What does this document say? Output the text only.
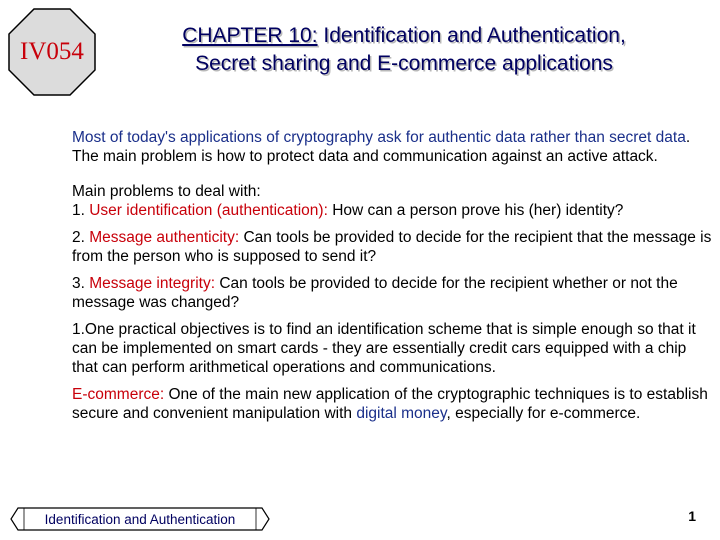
IV054
CHAPTER 10: Identification and Authentication,
Secret sharing and E-commerce applications

Most of today's applications of cryptography ask for authentic data rather than secret data. The main problem is how to protect data and communication against an active attack.

Main problems to deal with:

1. User identification (authentication): How can a person prove his (her) identity?

2. Message authenticity: Can tools be provided to decide for the recipient that the message is from the person who is supposed to send it?

3. Message integrity: Can tools be provided to decide for the recipient whether or not the message was changed?

1.One practical objectives is to find an identification scheme that is simple enough so that it can be implemented on smart cards - they are essentially credit cars equipped with a chip that can perform arithmetical operations and communications.

E-commerce: One of the main new application of the cryptographic techniques is to establish secure and convenient manipulation with digital money, especially for e-commerce.

Identification and Authentication	1
